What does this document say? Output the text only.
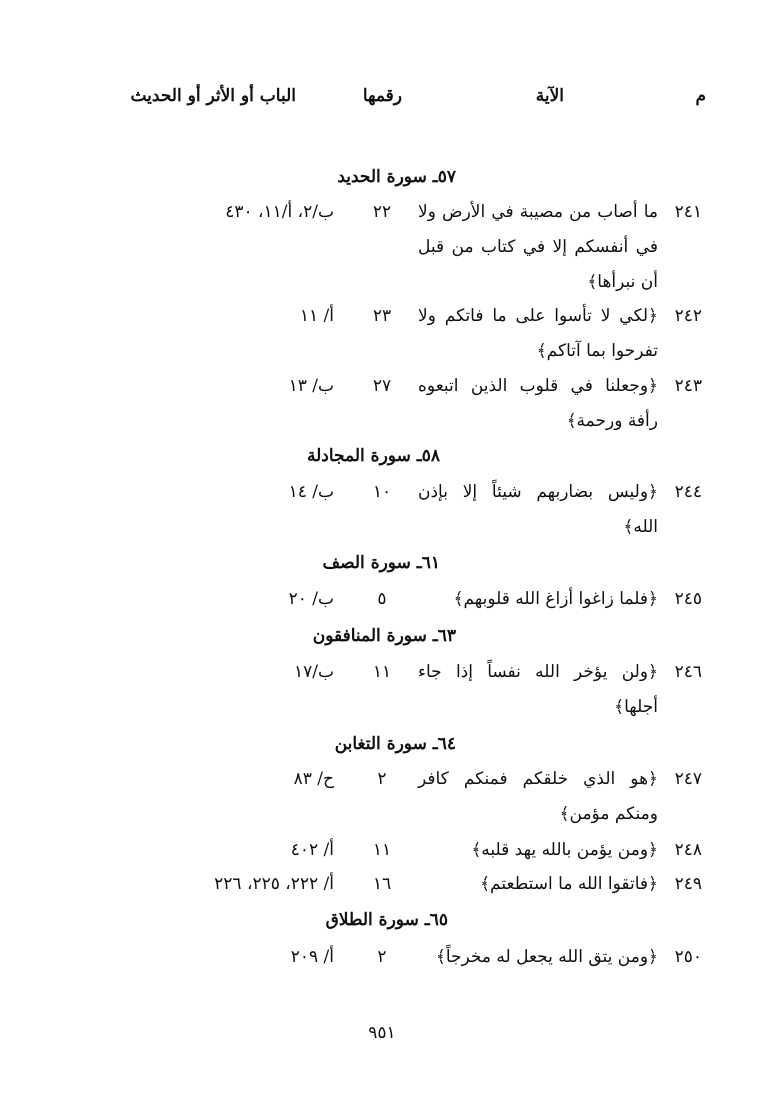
م
الآية
رقمها
الباب أو الأثر أو الحديث
٥٧ـ سورة الحديد
٢٤١
ما أصاب من مصيبة في الأرض ولا في أنفسكم إلا في كتاب من قبل أن نبرأها﴾
٢٢
ب/٢، أ/١١، ٤٣٠
٢٤٢
﴿لكي لا تأسوا على ما فاتكم ولا تفرحوا بما آتاكم﴾
٢٣
أ/ ١١
٢٤٣
﴿وجعلنا في قلوب الذين اتبعوه رأفة ورحمة﴾
٢٧
ب/ ١٣
٥٨ـ سورة المجادلة
٢٤٤
﴿وليس بضاربهم شيئاً إلا بإذن الله﴾
١٠
ب/ ١٤
٦١ـ سورة الصف
٢٤٥
﴿فلما زاغوا أزاغ الله قلوبهم﴾
٥
ب/ ٢٠
٦٣ـ سورة المنافقون
٢٤٦
﴿ولن يؤخر الله نفساً إذا جاء أجلها﴾
١١
ب/١٧
٦٤ـ سورة التغابن
٢٤٧
﴿هو الذي خلقكم فمنكم كافر ومنكم مؤمن﴾
٢
ح/ ٨٣
٢٤٨
﴿ومن يؤمن بالله يهد قلبه﴾
١١
أ/ ٤٠٢
٢٤٩
﴿فاتقوا الله ما استطعتم﴾
١٦
أ/ ٢٢٢، ٢٢٥، ٢٢٦
٦٥ـ سورة الطلاق
٢٥٠
﴿ومن يتق الله يجعل له مخرجاً﴾
٢
أ/ ٢٠٩
٩٥١
